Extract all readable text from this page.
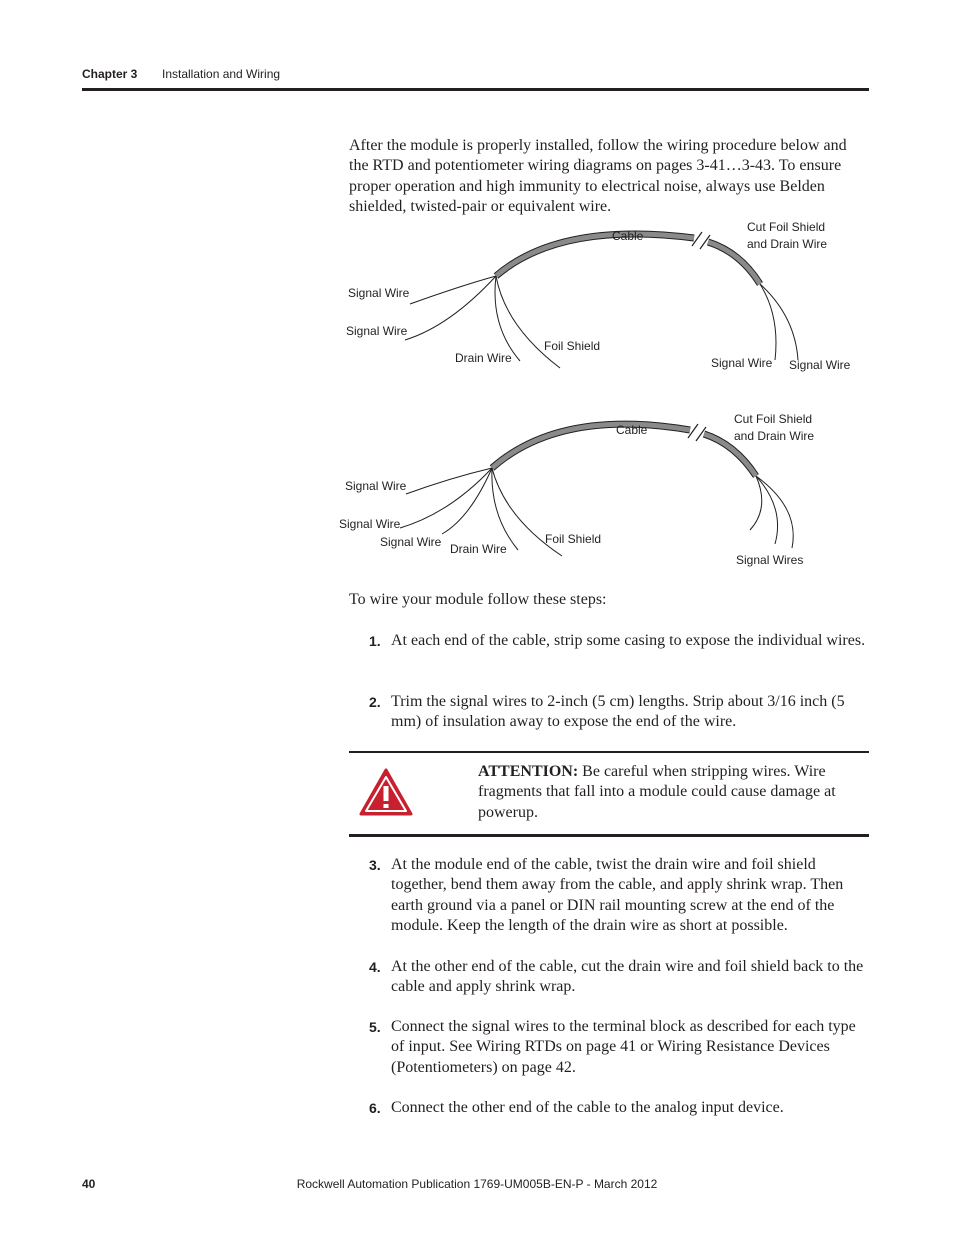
Chapter 3 Installation and Wiring

After the module is properly installed, follow the wiring procedure below and the RTD and potentiometer wiring diagrams on pages 3-41…3-43. To ensure proper operation and high immunity to electrical noise, always use Belden shielded, twisted-pair or equivalent wire.

Cable
Cut Foil Shield
and Drain Wire
Signal Wire
Signal Wire
Drain Wire
Foil Shield
Signal Wire Signal Wire
Cable
Cut Foil Shield
and Drain Wire
Signal Wire
Signal Wire
Signal Wire Drain Wire
Foil Shield
Signal Wires

To wire your module follow these steps:

1. At each end of the cable, strip some casing to expose the individual wires.
2. Trim the signal wires to 2-inch (5 cm) lengths. Strip about 3/16 inch (5 mm) of insulation away to expose the end of the wire.
ATTENTION: Be careful when stripping wires. Wire fragments that fall into a module could cause damage at powerup.
3. At the module end of the cable, twist the drain wire and foil shield together, bend them away from the cable, and apply shrink wrap. Then earth ground via a panel or DIN rail mounting screw at the end of the module. Keep the length of the drain wire as short at possible.
4. At the other end of the cable, cut the drain wire and foil shield back to the cable and apply shrink wrap.
5. Connect the signal wires to the terminal block as described for each type of input. See Wiring RTDs on page 41 or Wiring Resistance Devices (Potentiometers) on page 42.
6. Connect the other end of the cable to the analog input device.
40	Rockwell Automation Publication 1769-UM005B-EN-P - March 2012
